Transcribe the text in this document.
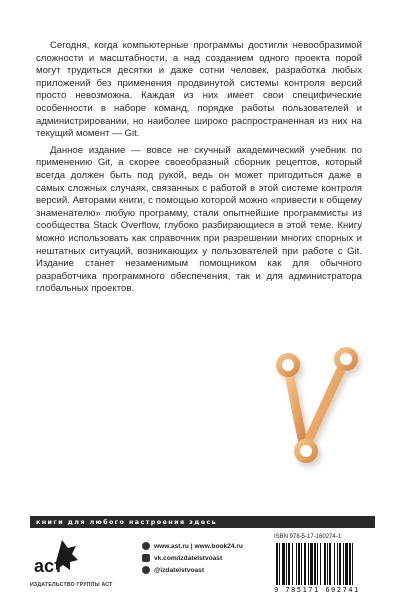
Сегодня, когда компьютерные программы достигли невообразимой сложности и масштабности, а над созданием одного проекта порой могут трудиться десятки и даже сотни человек, разработка любых приложений без применения продвинутой системы контроля версий просто невозможна. Каждая из них имеет свои специфические особенности в наборе команд, порядке работы пользователей и администрировании, но наиболее широко распространенная из них на текущий момент — Git.

Данное издание — вовсе не скучный академический учебник по применению Git, а скорее своеобразный сборник рецептов, который всегда должен быть под рукой, ведь он может пригодиться даже в самых сложных случаях, связанных с работой в этой системе контроля версий. Авторами книги, с помощью которой можно «привести к общему знаменателю» любую программу, стали опытнейшие программисты из сообщества Stack Overflow, глубоко разбирающиеся в этой теме. Книгу можно использовать как справочник при разрешении многих спорных и нештатных ситуаций, возникающих у пользователей при работе с Git. Издание станет незаменимым помощником как для обычного разработчика программного обеспечения, так и для администратора глобальных проектов.

книги для любого настроения здесь
аст
ИЗДАТЕЛЬСТВО ГРУППЫ АСТ
www.ast.ru | www.book24.ru
vk.com/izdatelstvoast
@izdatelstvoast
ISBN 978-5-17-160274-1
9 785171 602741
